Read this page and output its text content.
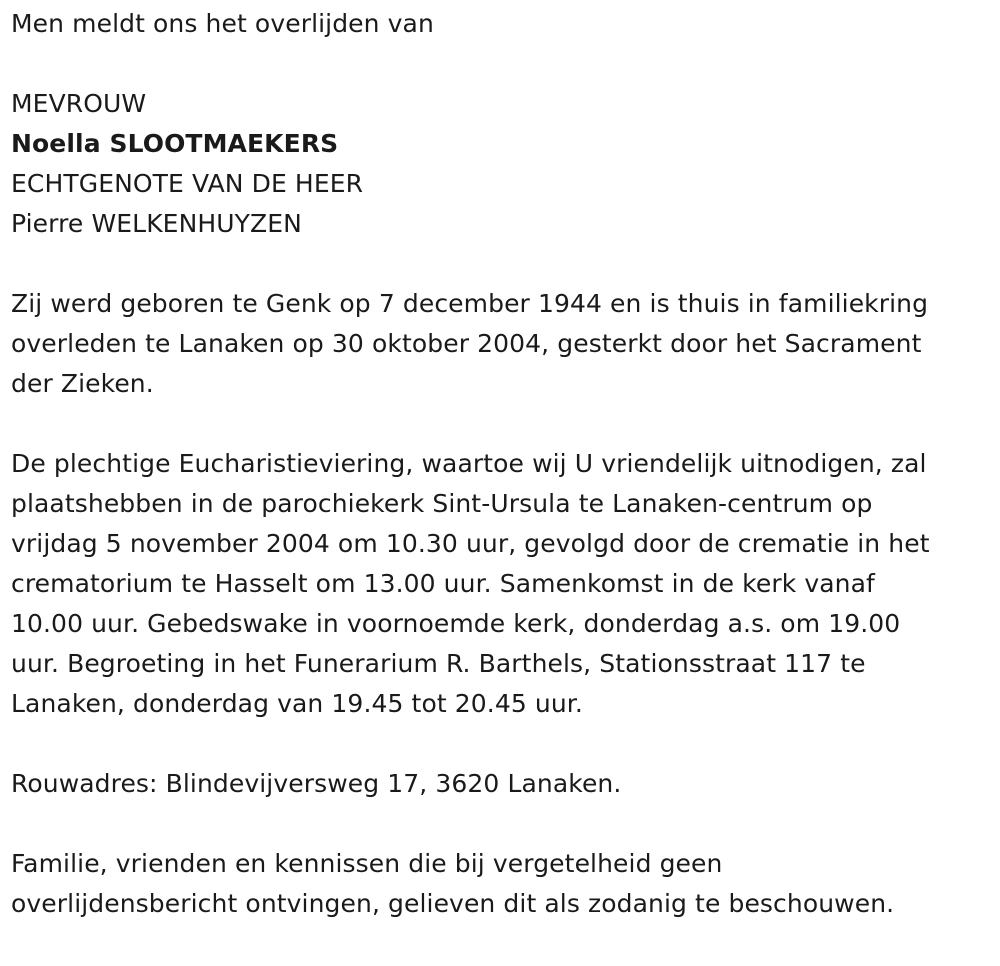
Men meldt ons het overlijden van

MEVROUW

Noella SLOOTMAEKERS

ECHTGENOTE VAN DE HEER

Pierre WELKENHUYZEN

Zij werd geboren te Genk op 7 december 1944 en is thuis in familiekring

overleden te Lanaken op 30 oktober 2004, gesterkt door het Sacrament

der Zieken.

De plechtige Eucharistieviering, waartoe wij U vriendelijk uitnodigen, zal

plaatshebben in de parochiekerk Sint-Ursula te Lanaken-centrum op

vrijdag 5 november 2004 om 10.30 uur, gevolgd door de crematie in het

crematorium te Hasselt om 13.00 uur. Samenkomst in de kerk vanaf

10.00 uur. Gebedswake in voornoemde kerk, donderdag a.s. om 19.00

uur. Begroeting in het Funerarium R. Barthels, Stationsstraat 117 te

Lanaken, donderdag van 19.45 tot 20.45 uur.

Rouwadres: Blindevijversweg 17, 3620 Lanaken.

Familie, vrienden en kennissen die bij vergetelheid geen

overlijdensbericht ontvingen, gelieven dit als zodanig te beschouwen.
